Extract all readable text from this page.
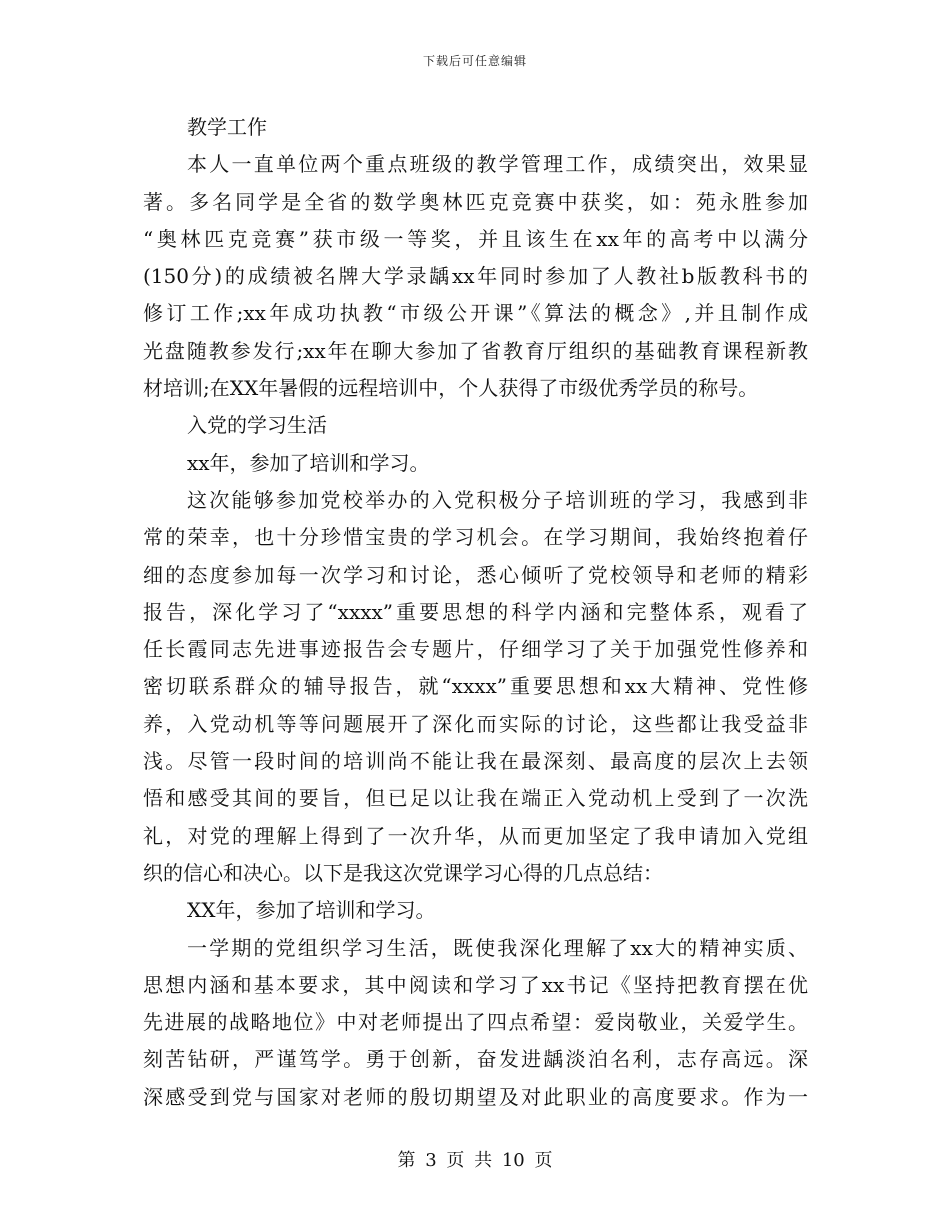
下载后可任意编辑
教学工作
本人一直单位两个重点班级的教学管理工作，成绩突出，效果显
著。多名同学是全省的数学奥林匹克竞赛中获奖，如：苑永胜参加
“奥林匹克竞赛”获市级一等奖，并且该生在xx年的高考中以满分
(150分)的成绩被名牌大学录龋xx年同时参加了人教社b版教科书的
修订工作;xx年成功执教“市级公开课”《算法的概念》,并且制作成
光盘随教参发行;xx年在聊大参加了省教育厅组织的基础教育课程新教
材培训;在XX年暑假的远程培训中，个人获得了市级优秀学员的称号。
入党的学习生活
xx年，参加了培训和学习。
这次能够参加党校举办的入党积极分子培训班的学习，我感到非
常的荣幸，也十分珍惜宝贵的学习机会。在学习期间，我始终抱着仔
细的态度参加每一次学习和讨论，悉心倾听了党校领导和老师的精彩
报告，深化学习了“xxxx”重要思想的科学内涵和完整体系，观看了
任长霞同志先进事迹报告会专题片，仔细学习了关于加强党性修养和
密切联系群众的辅导报告，就“xxxx”重要思想和xx大精神、党性修
养，入党动机等等问题展开了深化而实际的讨论，这些都让我受益非
浅。尽管一段时间的培训尚不能让我在最深刻、最高度的层次上去领
悟和感受其间的要旨，但已足以让我在端正入党动机上受到了一次洗
礼，对党的理解上得到了一次升华，从而更加坚定了我申请加入党组
织的信心和决心。以下是我这次党课学习心得的几点总结：
XX年，参加了培训和学习。
一学期的党组织学习生活，既使我深化理解了xx大的精神实质、
思想内涵和基本要求，其中阅读和学习了xx书记《坚持把教育摆在优
先进展的战略地位》中对老师提出了四点希望：爱岗敬业，关爱学生。
刻苦钻研，严谨笃学。勇于创新，奋发进龋淡泊名利，志存高远。深
深感受到党与国家对老师的殷切期望及对此职业的高度要求。作为一
第 3 页 共 10 页
